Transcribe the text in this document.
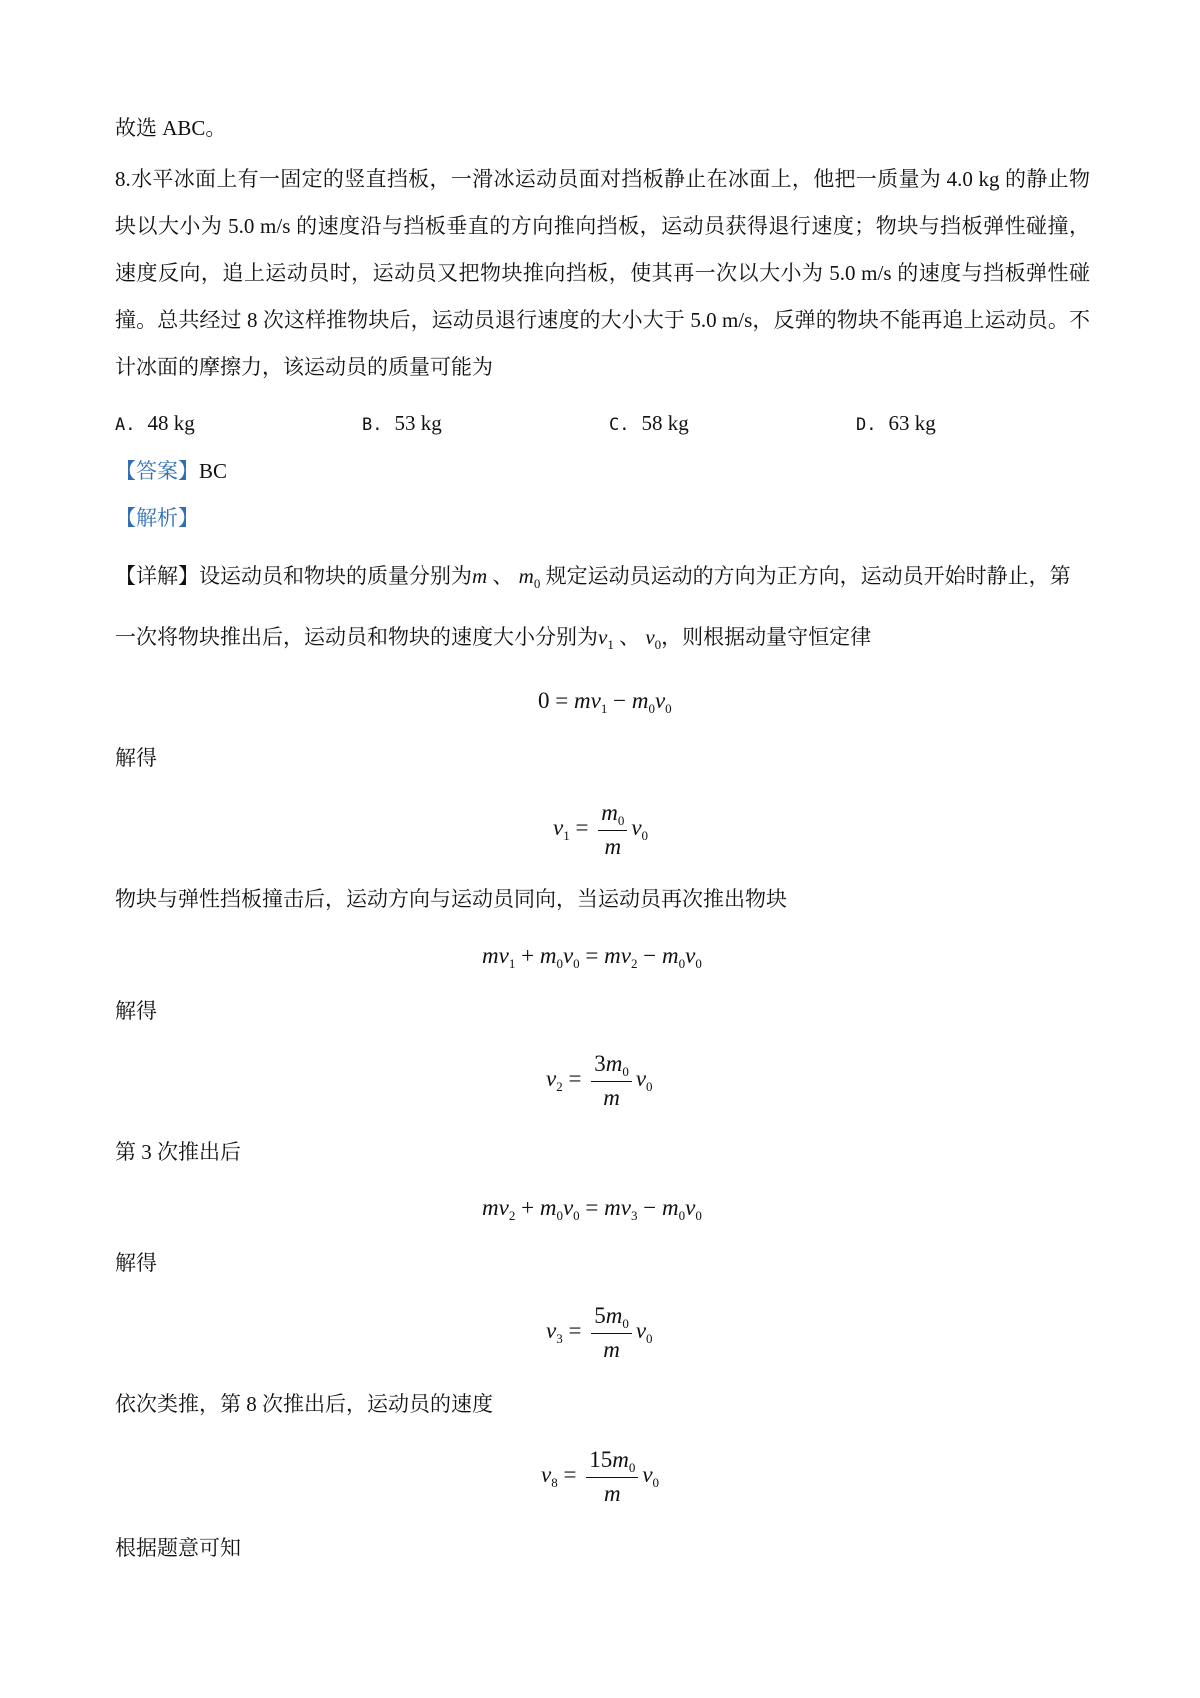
故选 ABC。
8.水平冰面上有一固定的竖直挡板，一滑冰运动员面对挡板静止在冰面上，他把一质量为 4.0 kg 的静止物块以大小为 5.0 m/s 的速度沿与挡板垂直的方向推向挡板，运动员获得退行速度；物块与挡板弹性碰撞，速度反向，追上运动员时，运动员又把物块推向挡板，使其再一次以大小为 5.0 m/s 的速度与挡板弹性碰撞。总共经过 8 次这样推物块后，运动员退行速度的大小大于 5.0 m/s，反弹的物块不能再追上运动员。不计冰面的摩擦力，该运动员的质量可能为
A. 48 kg	B. 53 kg	C. 58 kg	D. 63 kg
【答案】BC
【解析】
【详解】设运动员和物块的质量分别为m 、 $m_0$ 规定运动员运动的方向为正方向，运动员开始时静止，第
一次将物块推出后，运动员和物块的速度大小分别为$v_1$ 、 $v_0$，则根据动量守恒定律
$0 = mv_1 - m_0v_0$
解得
$v_1 = \frac{m_0}{m} v_0$
物块与弹性挡板撞击后，运动方向与运动员同向，当运动员再次推出物块
$mv_1 + m_0v_0 = mv_2 - m_0v_0$
解得
$v_2 = \frac{3m_0}{m} v_0$
第 3 次推出后
$mv_2 + m_0v_0 = mv_3 - m_0v_0$
解得
$v_3 = \frac{5m_0}{m} v_0$
依次类推，第 8 次推出后，运动员的速度
$v_8 = \frac{15m_0}{m} v_0$
根据题意可知
